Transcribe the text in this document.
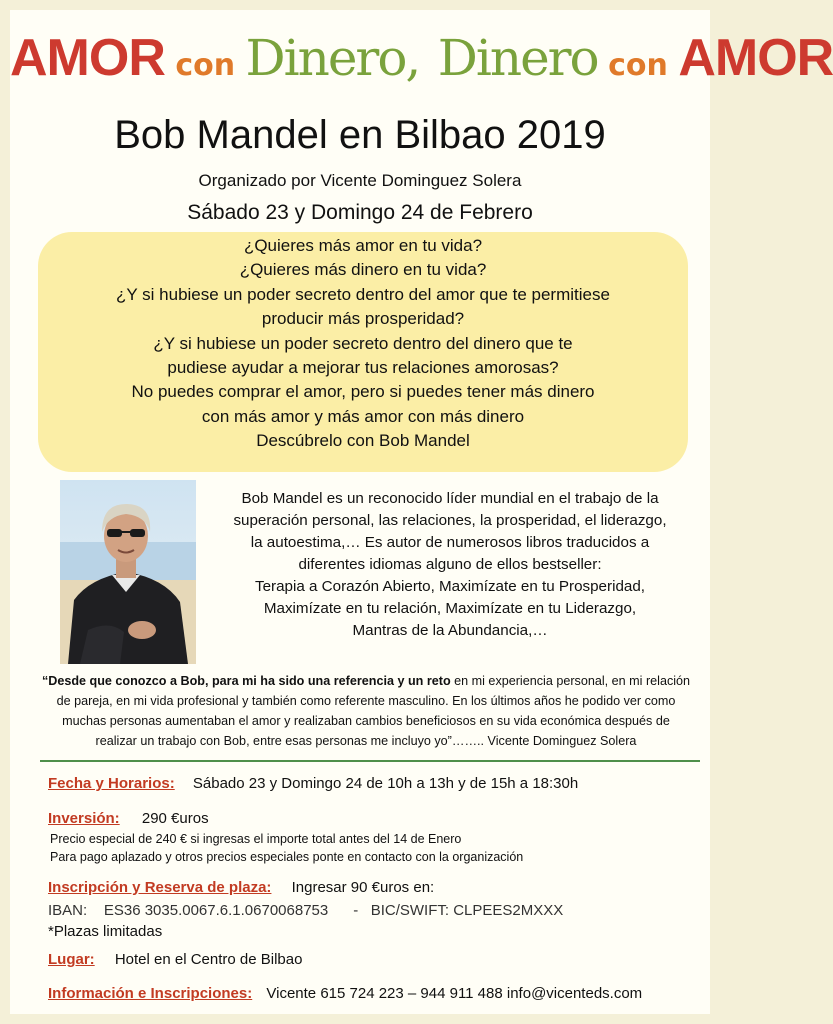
AMOR con Dinero, Dinero con AMOR
Bob Mandel en Bilbao 2019
Organizado por Vicente Dominguez Solera
Sábado 23 y Domingo 24 de Febrero
¿Quieres más amor en tu vida?
¿Quieres más dinero en tu vida?
¿Y si hubiese un poder secreto dentro del amor que te permitiese
producir más prosperidad?
¿Y si hubiese un poder secreto dentro del dinero que te
pudiese ayudar a mejorar tus relaciones amorosas?
No puedes comprar el amor, pero si puedes tener más dinero
con más amor y más amor con más dinero
Descúbrelo con Bob Mandel
Bob Mandel es un reconocido líder mundial en el trabajo de la
superación personal, las relaciones, la prosperidad, el liderazgo,
la autoestima,… Es autor de numerosos libros traducidos a
diferentes idiomas alguno de ellos bestseller:
Terapia a Corazón Abierto, Maximízate en tu Prosperidad,
Maximízate en tu relación, Maximízate en tu Liderazgo,
Mantras de la Abundancia,…
“Desde que conozco a Bob, para mi ha sido una referencia y un reto en mi experiencia personal, en mi relación de pareja, en mi vida profesional y también como referente masculino. En los últimos años he podido ver como muchas personas aumentaban el amor y realizaban cambios beneficiosos en su vida económica después de realizar un trabajo con Bob, entre esas personas me incluyo yo”…….. Vicente Dominguez Solera
Fecha y Horarios: Sábado 23 y Domingo 24 de 10h a 13h y de 15h a 18:30h
Inversión: 290 €uros
Precio especial de 240 € si ingresas el importe total antes del 14 de Enero
Para pago aplazado y otros precios especiales ponte en contacto con la organización
Inscripción y Reserva de plaza: Ingresar 90 €uros en:
IBAN:    ES36 3035.0067.6.1.0670068753      -   BIC/SWIFT: CLPEES2MXXX
*Plazas limitadas
Lugar: Hotel en el Centro de Bilbao
Información e Inscripciones: Vicente 615 724 223 – 944 911 488 info@vicenteds.com
